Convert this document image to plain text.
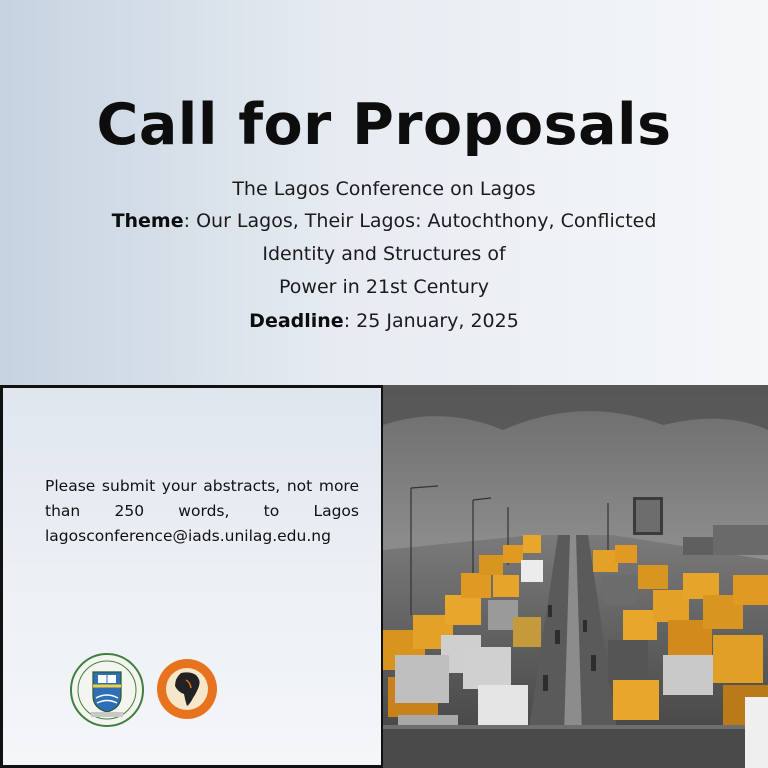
Call for Proposals

The Lagos Conference on Lagos

Theme: Our Lagos, Their Lagos: Autochthony, Conflicted

Identity and Structures of

Power in 21st Century

Deadline: 25 January, 2025

Please submit your abstracts, not more than 250 words, to Lagos lagosconference@iads.unilag.edu.ng
